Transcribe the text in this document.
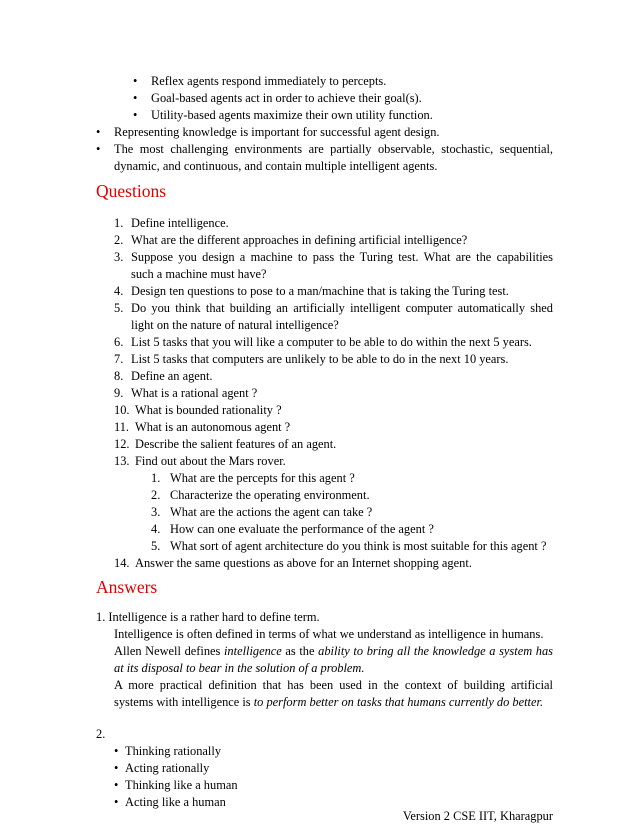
• Reflex agents respond immediately to percepts.
• Goal-based agents act in order to achieve their goal(s).
• Utility-based agents maximize their own utility function.
• Representing knowledge is important for successful agent design.
• The most challenging environments are partially observable, stochastic, sequential,
dynamic, and continuous, and contain multiple intelligent agents.
Questions
1. Define intelligence.
2. What are the different approaches in defining artificial intelligence?
3. Suppose you design a machine to pass the Turing test. What are the capabilities
such a machine must have?
4. Design ten questions to pose to a man/machine that is taking the Turing test.
5. Do you think that building an artificially intelligent computer automatically shed
light on the nature of natural intelligence?
6. List 5 tasks that you will like a computer to be able to do within the next 5 years.
7. List 5 tasks that computers are unlikely to be able to do in the next 10 years.
8. Define an agent.
9. What is a rational agent ?
10. What is bounded rationality ?
11. What is an autonomous agent ?
12. Describe the salient features of an agent.
13. Find out about the Mars rover.
1. What are the percepts for this agent ?
2. Characterize the operating environment.
3. What are the actions the agent can take ?
4. How can one evaluate the performance of the agent ?
5. What sort of agent architecture do you think is most suitable for this agent ?
14. Answer the same questions as above for an Internet shopping agent.
Answers
1. Intelligence is a rather hard to define term.
Intelligence is often defined in terms of what we understand as intelligence in humans.
Allen Newell defines intelligence as the ability to bring all the knowledge a system has
at its disposal to bear in the solution of a problem.
A more practical definition that has been used in the context of building artificial
systems with intelligence is to perform better on tasks that humans currently do better.
2.
• Thinking rationally
• Acting rationally
• Thinking like a human
• Acting like a human
Version 2 CSE IIT, Kharagpur
